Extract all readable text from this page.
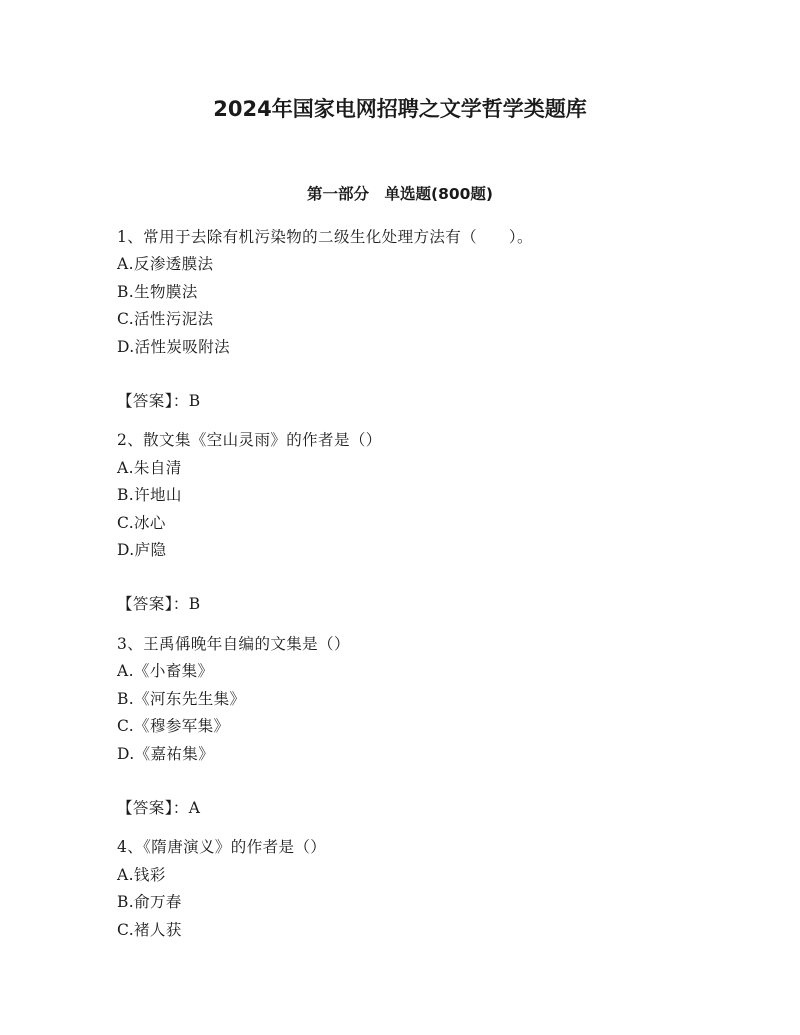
2024年国家电网招聘之文学哲学类题库
第一部分　单选题(800题)
1、常用于去除有机污染物的二级生化处理方法有（　　）。
A.反渗透膜法
B.生物膜法
C.活性污泥法
D.活性炭吸附法
【答案】：B
2、散文集《空山灵雨》的作者是（）
A.朱自清
B.许地山
C.冰心
D.庐隐
【答案】：B
3、王禹偁晚年自编的文集是（）
A.《小畜集》
B.《河东先生集》
C.《穆参军集》
D.《嘉祐集》
【答案】：A
4、《隋唐演义》的作者是（）
A.钱彩
B.俞万春
C.褚人获
